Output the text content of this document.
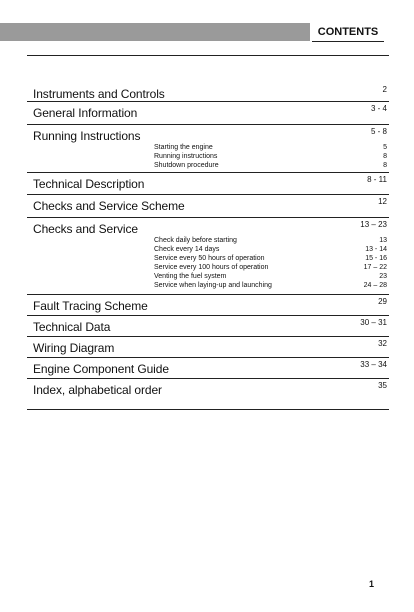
CONTENTS
Instruments and Controls	2
General Information	3 - 4
Running Instructions	5 - 8
Starting the engine	5
Running instructions	8
Shutdown procedure	8
Technical Description	8 - 11
Checks and Service Scheme	12
Checks and Service	13 – 23
Check daily before starting	13
Check every 14 days	13 - 14
Service every 50 hours of operation	15 - 16
Service every 100 hours of operation	17 – 22
Venting the fuel system	23
Service when laying-up and launching	24 – 28
Fault Tracing Scheme	29
Technical Data	30 – 31
Wiring Diagram	32
Engine Component Guide	33 – 34
Index, alphabetical order	35
1
